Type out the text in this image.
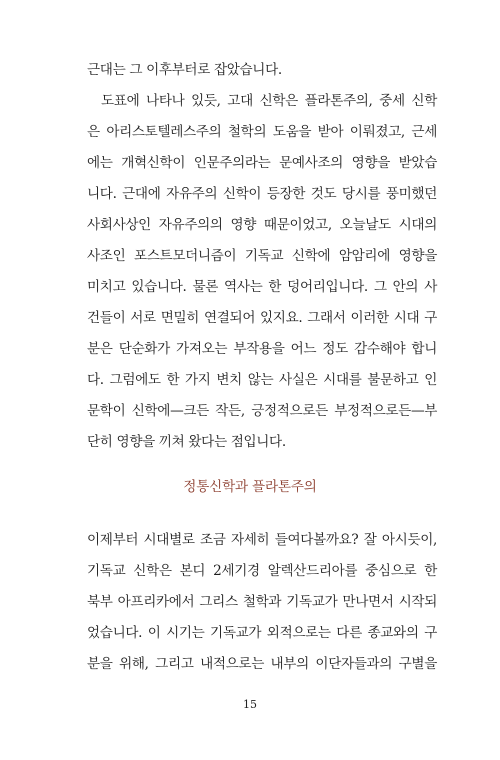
근대는 그 이후부터로 잡았습니다.
도표에 나타나 있듯, 고대 신학은 플라톤주의, 중세 신학
은 아리스토텔레스주의 철학의 도움을 받아 이뤄졌고, 근세
에는 개혁신학이 인문주의라는 문예사조의 영향을 받았습
니다. 근대에 자유주의 신학이 등장한 것도 당시를 풍미했던
사회사상인 자유주의의 영향 때문이었고, 오늘날도 시대의
사조인 포스트모더니즘이 기독교 신학에 암암리에 영향을
미치고 있습니다. 물론 역사는 한 덩어리입니다. 그 안의 사
건들이 서로 면밀히 연결되어 있지요. 그래서 이러한 시대 구
분은 단순화가 가져오는 부작용을 어느 정도 감수해야 합니
다. 그럼에도 한 가지 변치 않는 사실은 시대를 불문하고 인
문학이 신학에—크든 작든, 긍정적으로든 부정적으로든—부
단히 영향을 끼쳐 왔다는 점입니다.
정통신학과 플라톤주의
이제부터 시대별로 조금 자세히 들여다볼까요? 잘 아시듯이,
기독교 신학은 본디 2세기경 알렉산드리아를 중심으로 한
북부 아프리카에서 그리스 철학과 기독교가 만나면서 시작되
었습니다. 이 시기는 기독교가 외적으로는 다른 종교와의 구
분을 위해, 그리고 내적으로는 내부의 이단자들과의 구별을
15
